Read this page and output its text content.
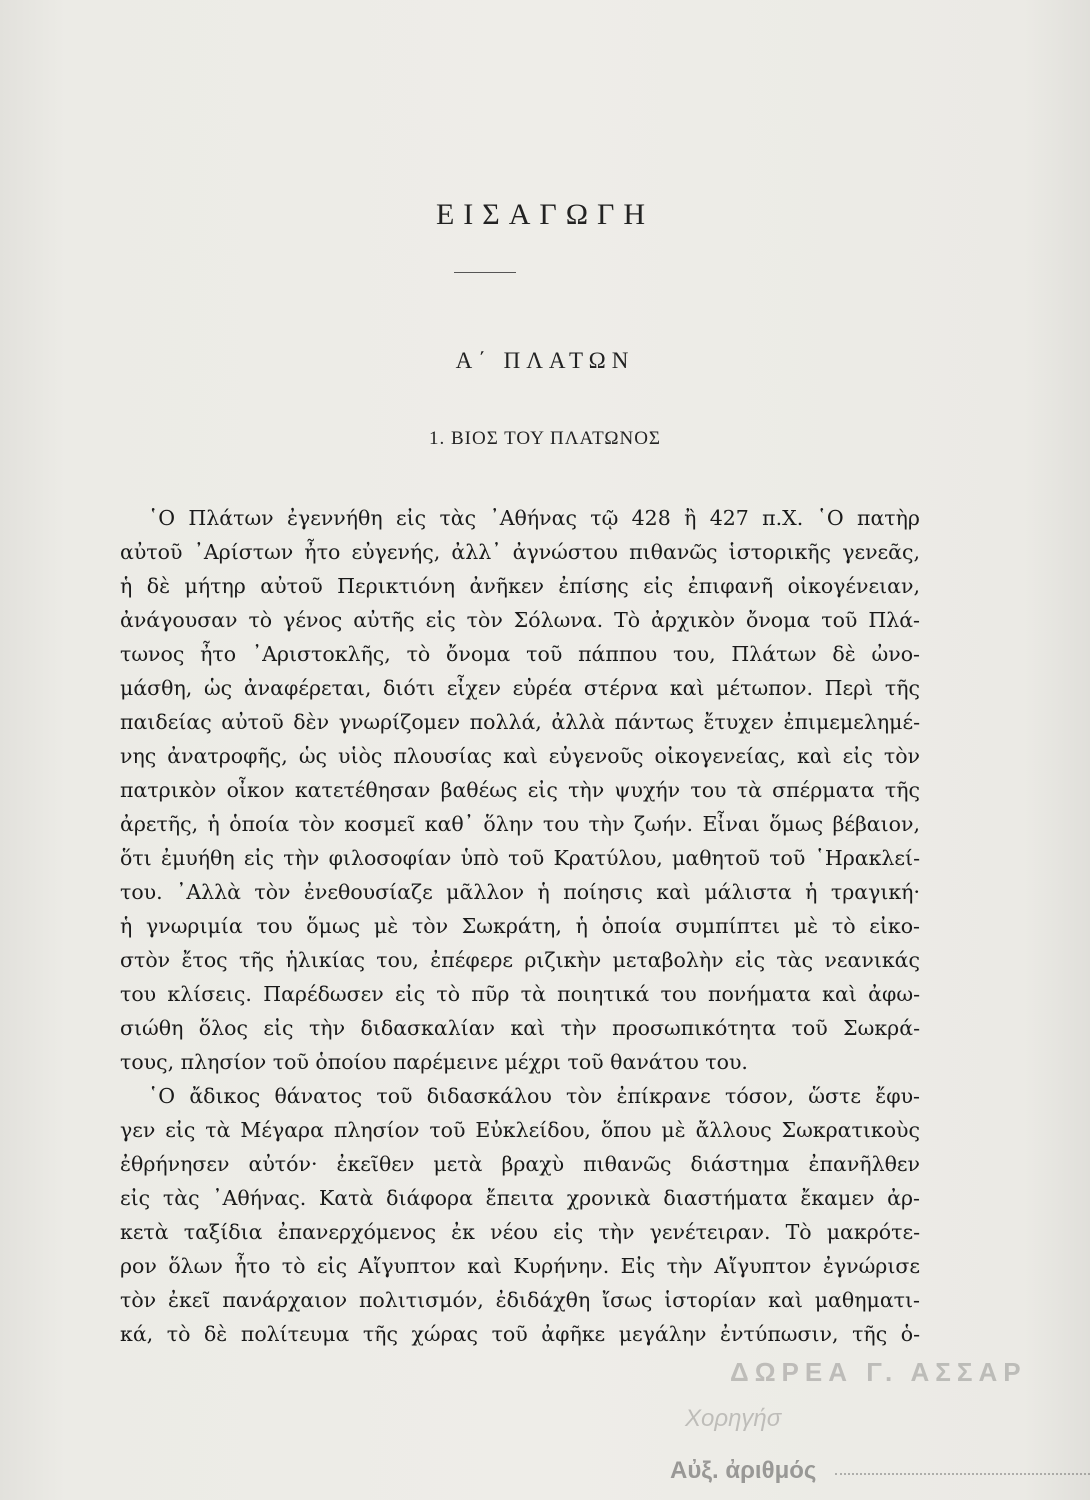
ΕΙΣΑΓΩΓΗ
Α΄ ΠΛΑΤΩΝ
1. ΒΙΟΣ ΤΟΥ ΠΛΑΤΩΝΟΣ
῾Ο Πλάτων ἐγεννήθη εἰς τὰς ᾿Αθήνας τῷ 428 ἢ 427 π.Χ. ῾Ο πατὴρ
αὐτοῦ ᾿Αρίστων ἦτο εὐγενής, ἀλλ᾿ ἀγνώστου πιθανῶς ἱστορικῆς γενεᾶς,
ἡ δὲ μήτηρ αὐτοῦ Περικτιόνη ἀνῆκεν ἐπίσης εἰς ἐπιφανῆ οἰκογένειαν,
ἀνάγουσαν τὸ γένος αὐτῆς εἰς τὸν Σόλωνα. Τὸ ἀρχικὸν ὄνομα τοῦ Πλά-
τωνος ἦτο ᾿Αριστοκλῆς, τὸ ὄνομα τοῦ πάππου του, Πλάτων δὲ ὠνο-
μάσθη, ὡς ἀναφέρεται, διότι εἶχεν εὐρέα στέρνα καὶ μέτωπον. Περὶ τῆς
παιδείας αὐτοῦ δὲν γνωρίζομεν πολλά, ἀλλὰ πάντως ἔτυχεν ἐπιμεμελημέ-
νης ἀνατροφῆς, ὡς υἱὸς πλουσίας καὶ εὐγενοῦς οἰκογενείας, καὶ εἰς τὸν
πατρικὸν οἶκον κατετέθησαν βαθέως εἰς τὴν ψυχήν του τὰ σπέρματα τῆς
ἀρετῆς, ἡ ὁποία τὸν κοσμεῖ καθ᾿ ὅλην του τὴν ζωήν. Εἶναι ὅμως βέβαιον,
ὅτι ἐμυήθη εἰς τὴν φιλοσοφίαν ὑπὸ τοῦ Κρατύλου, μαθητοῦ τοῦ ῾Ηρακλεί-
του. ᾿Αλλὰ τὸν ἐνεθουσίαζε μᾶλλον ἡ ποίησις καὶ μάλιστα ἡ τραγική·
ἡ γνωριμία του ὅμως μὲ τὸν Σωκράτη, ἡ ὁποία συμπίπτει μὲ τὸ εἰκο-
στὸν ἔτος τῆς ἡλικίας του, ἐπέφερε ριζικὴν μεταβολὴν εἰς τὰς νεανικάς
του κλίσεις. Παρέδωσεν εἰς τὸ πῦρ τὰ ποιητικά του πονήματα καὶ ἀφω-
σιώθη ὅλος εἰς τὴν διδασκαλίαν καὶ τὴν προσωπικότητα τοῦ Σωκρά-
τους, πλησίον τοῦ ὁποίου παρέμεινε μέχρι τοῦ θανάτου του.
῾Ο ἄδικος θάνατος τοῦ διδασκάλου τὸν ἐπίκρανε τόσον, ὥστε ἔφυ-
γεν εἰς τὰ Μέγαρα πλησίον τοῦ Εὐκλείδου, ὅπου μὲ ἄλλους Σωκρατικοὺς
ἐθρήνησεν αὐτόν· ἐκεῖθεν μετὰ βραχὺ πιθανῶς διάστημα ἐπανῆλθεν
εἰς τὰς ᾿Αθήνας. Κατὰ διάφορα ἔπειτα χρονικὰ διαστήματα ἔκαμεν ἀρ-
κετὰ ταξίδια ἐπανερχόμενος ἐκ νέου εἰς τὴν γενέτειραν. Τὸ μακρότε-
ρον ὅλων ἦτο τὸ εἰς Αἴγυπτον καὶ Κυρήνην. Εἰς τὴν Αἴγυπτον ἐγνώρισε
τὸν ἐκεῖ πανάρχαιον πολιτισμόν, ἐδιδάχθη ἴσως ἱστορίαν καὶ μαθηματι-
κά, τὸ δὲ πολίτευμα τῆς χώρας τοῦ ἀφῆκε μεγάλην ἐντύπωσιν, τῆς ὁ-
ΔΩΡΕΑ Γ. ΑΣΣΑΡ
Χορηγήσ
Αὐξ. ἀριθμός
